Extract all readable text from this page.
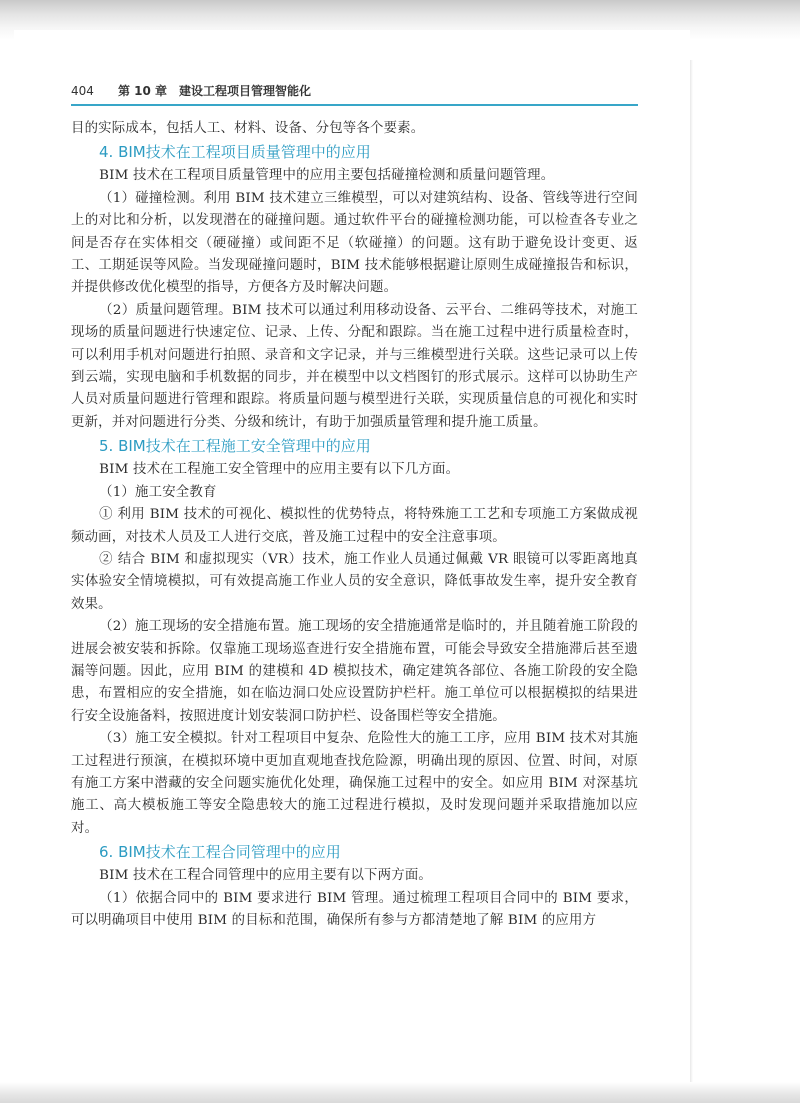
404 第 10 章　建设工程项目管理智能化

目的实际成本，包括人工、材料、设备、分包等各个要素。

4. BIM技术在工程项目质量管理中的应用

BIM 技术在工程项目质量管理中的应用主要包括碰撞检测和质量问题管理。

（1）碰撞检测。利用 BIM 技术建立三维模型，可以对建筑结构、设备、管线等进行空间上的对比和分析，以发现潜在的碰撞问题。通过软件平台的碰撞检测功能，可以检查各专业之间是否存在实体相交（硬碰撞）或间距不足（软碰撞）的问题。这有助于避免设计变更、返工、工期延误等风险。当发现碰撞问题时，BIM 技术能够根据避让原则生成碰撞报告和标识，并提供修改优化模型的指导，方便各方及时解决问题。

（2）质量问题管理。BIM 技术可以通过利用移动设备、云平台、二维码等技术，对施工现场的质量问题进行快速定位、记录、上传、分配和跟踪。当在施工过程中进行质量检查时，可以利用手机对问题进行拍照、录音和文字记录，并与三维模型进行关联。这些记录可以上传到云端，实现电脑和手机数据的同步，并在模型中以文档图钉的形式展示。这样可以协助生产人员对质量问题进行管理和跟踪。将质量问题与模型进行关联，实现质量信息的可视化和实时更新，并对问题进行分类、分级和统计，有助于加强质量管理和提升施工质量。

5. BIM技术在工程施工安全管理中的应用

BIM 技术在工程施工安全管理中的应用主要有以下几方面。

（1）施工安全教育

① 利用 BIM 技术的可视化、模拟性的优势特点，将特殊施工工艺和专项施工方案做成视频动画，对技术人员及工人进行交底，普及施工过程中的安全注意事项。

② 结合 BIM 和虚拟现实（VR）技术，施工作业人员通过佩戴 VR 眼镜可以零距离地真实体验安全情境模拟，可有效提高施工作业人员的安全意识，降低事故发生率，提升安全教育效果。

（2）施工现场的安全措施布置。施工现场的安全措施通常是临时的，并且随着施工阶段的进展会被安装和拆除。仅靠施工现场巡查进行安全措施布置，可能会导致安全措施滞后甚至遗漏等问题。因此，应用 BIM 的建模和 4D 模拟技术，确定建筑各部位、各施工阶段的安全隐患，布置相应的安全措施，如在临边洞口处应设置防护栏杆。施工单位可以根据模拟的结果进行安全设施备料，按照进度计划安装洞口防护栏、设备围栏等安全措施。

（3）施工安全模拟。针对工程项目中复杂、危险性大的施工工序，应用 BIM 技术对其施工过程进行预演，在模拟环境中更加直观地查找危险源，明确出现的原因、位置、时间，对原有施工方案中潜藏的安全问题实施优化处理，确保施工过程中的安全。如应用 BIM 对深基坑施工、高大模板施工等安全隐患较大的施工过程进行模拟，及时发现问题并采取措施加以应对。

6. BIM技术在工程合同管理中的应用

BIM 技术在工程合同管理中的应用主要有以下两方面。

（1）依据合同中的 BIM 要求进行 BIM 管理。通过梳理工程项目合同中的 BIM 要求，可以明确项目中使用 BIM 的目标和范围，确保所有参与方都清楚地了解 BIM 的应用方
